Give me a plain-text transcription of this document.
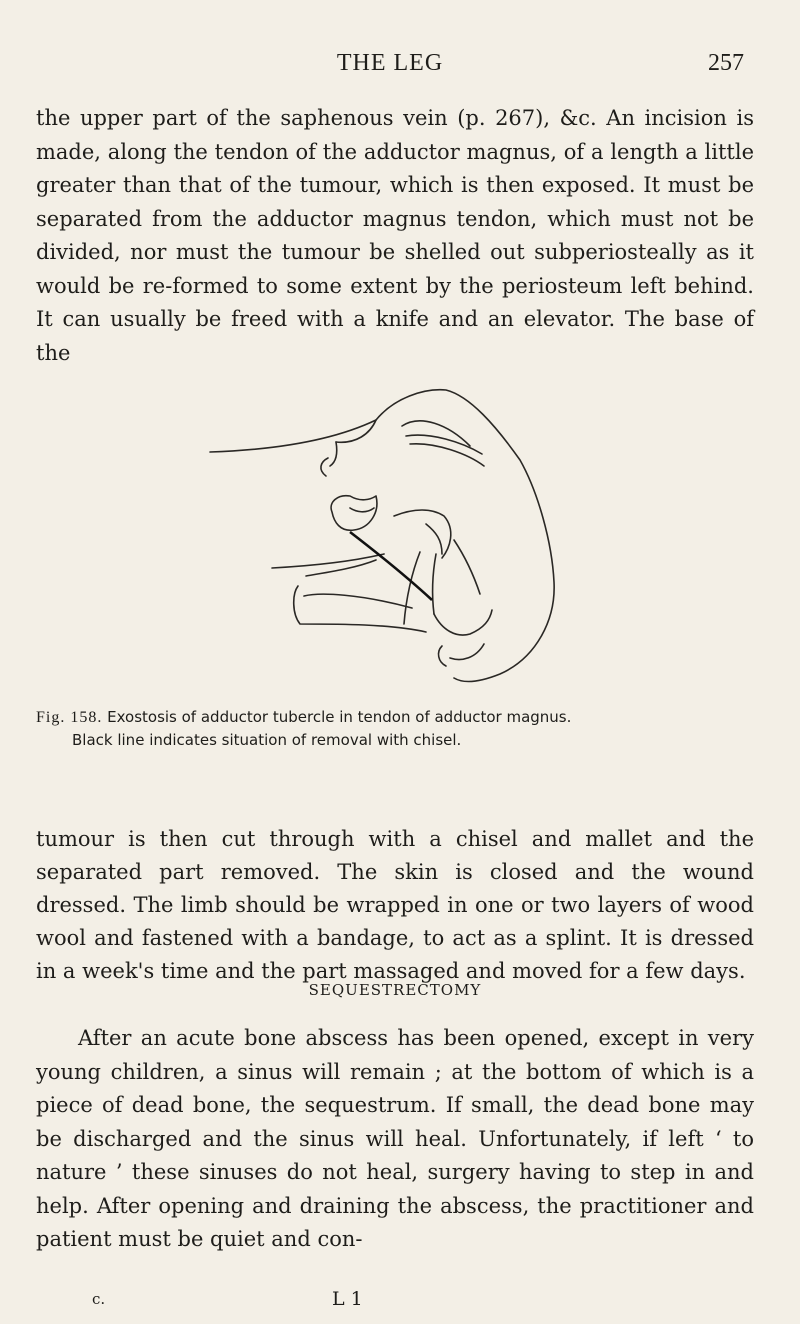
THE LEG	257

the upper part of the saphenous vein (p. 267), &c. An incision is made, along the tendon of the adductor magnus, of a length a little greater than that of the tumour, which is then exposed. It must be separated from the adductor magnus tendon, which must not be divided, nor must the tumour be shelled out subperiosteally as it would be re-formed to some extent by the periosteum left behind. It can usually be freed with a knife and an elevator. The base of the

Fig. 158. Exostosis of adductor tubercle in tendon of adductor magnus.
Black line indicates situation of removal with chisel.

tumour is then cut through with a chisel and mallet and the separated part removed. The skin is closed and the wound dressed. The limb should be wrapped in one or two layers of wood wool and fastened with a bandage, to act as a splint. It is dressed in a week's time and the part massaged and moved for a few days.

SEQUESTRECTOMY

After an acute bone abscess has been opened, except in very young children, a sinus will remain ; at the bottom of which is a piece of dead bone, the sequestrum. If small, the dead bone may be discharged and the sinus will heal. Unfortunately, if left ‘ to nature ’ these sinuses do not heal, surgery having to step in and help. After opening and draining the abscess, the practitioner and patient must be quiet and con-

c.	L 1
